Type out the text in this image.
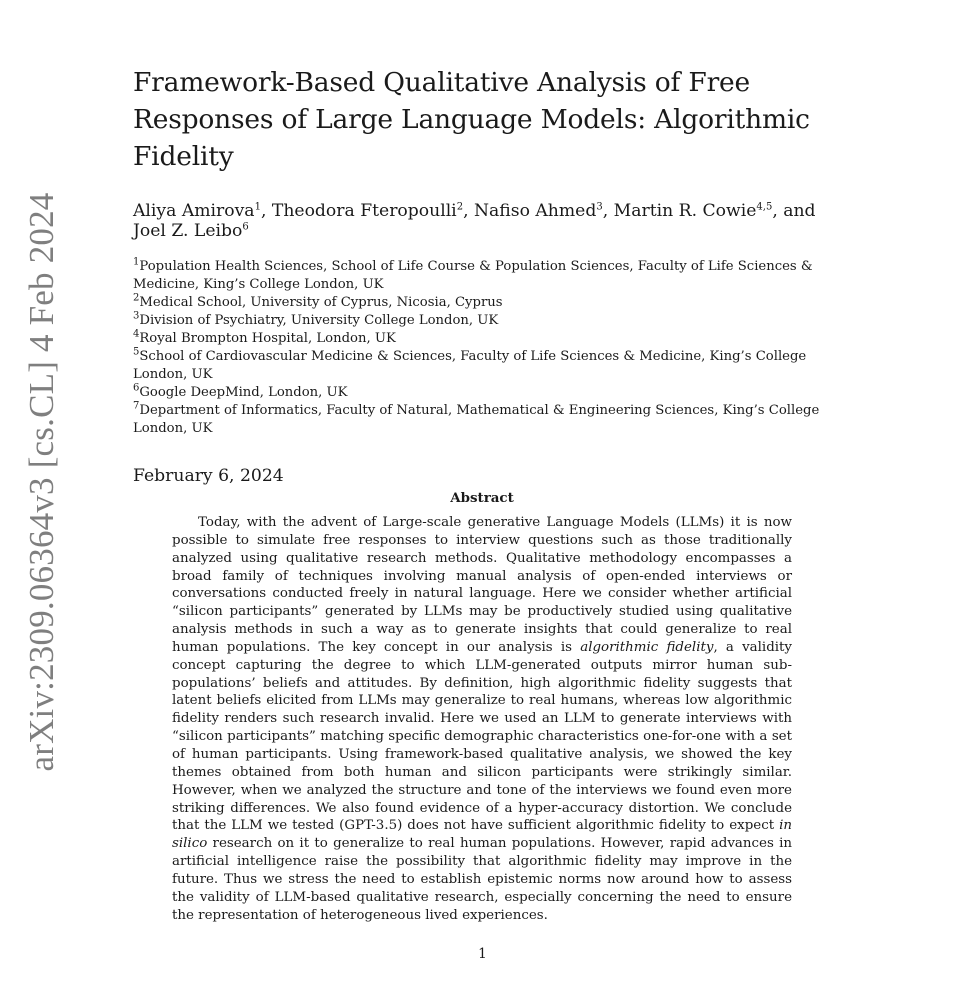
arXiv:2309.06364v3 [cs.CL] 4 Feb 2024
Framework-Based Qualitative Analysis of Free Responses of Large Language Models: Algorithmic Fidelity
Aliya Amirova$^1$, Theodora Fteropoulli$^2$, Nafiso Ahmed$^3$, Martin R. Cowie$^{4,5}$, and Joel Z. Leibo$^6$
$^1$Population Health Sciences, School of Life Course & Population Sciences, Faculty of Life Sciences & Medicine, King’s College London, UK
$^2$Medical School, University of Cyprus, Nicosia, Cyprus
$^3$Division of Psychiatry, University College London, UK
$^4$Royal Brompton Hospital, London, UK
$^5$School of Cardiovascular Medicine & Sciences, Faculty of Life Sciences & Medicine, King’s College London, UK
$^6$Google DeepMind, London, UK
$^7$Department of Informatics, Faculty of Natural, Mathematical & Engineering Sciences, King’s College London, UK
February 6, 2024
Abstract
Today, with the advent of Large-scale generative Language Models (LLMs) it is now possible to simulate free responses to interview questions such as those traditionally analyzed using qualitative research methods. Qualitative methodology encompasses a broad family of techniques involving manual analysis of open-ended interviews or conversations conducted freely in natural language. Here we consider whether artificial “silicon participants” generated by LLMs may be productively studied using qualitative analysis methods in such a way as to generate insights that could generalize to real human populations. The key concept in our analysis is algorithmic fidelity, a validity concept capturing the degree to which LLM-generated outputs mirror human sub-populations’ beliefs and attitudes. By definition, high algorithmic fidelity suggests that latent beliefs elicited from LLMs may generalize to real humans, whereas low algorithmic fidelity renders such research invalid. Here we used an LLM to generate interviews with “silicon participants” matching specific demographic characteristics one-for-one with a set of human participants. Using framework-based qualitative analysis, we showed the key themes obtained from both human and silicon participants were strikingly similar. However, when we analyzed the structure and tone of the interviews we found even more striking differences. We also found evidence of a hyper-accuracy distortion. We conclude that the LLM we tested (GPT-3.5) does not have sufficient algorithmic fidelity to expect in silico research on it to generalize to real human populations. However, rapid advances in artificial intelligence raise the possibility that algorithmic fidelity may improve in the future. Thus we stress the need to establish epistemic norms now around how to assess the validity of LLM-based qualitative research, especially concerning the need to ensure the representation of heterogeneous lived experiences.
1
